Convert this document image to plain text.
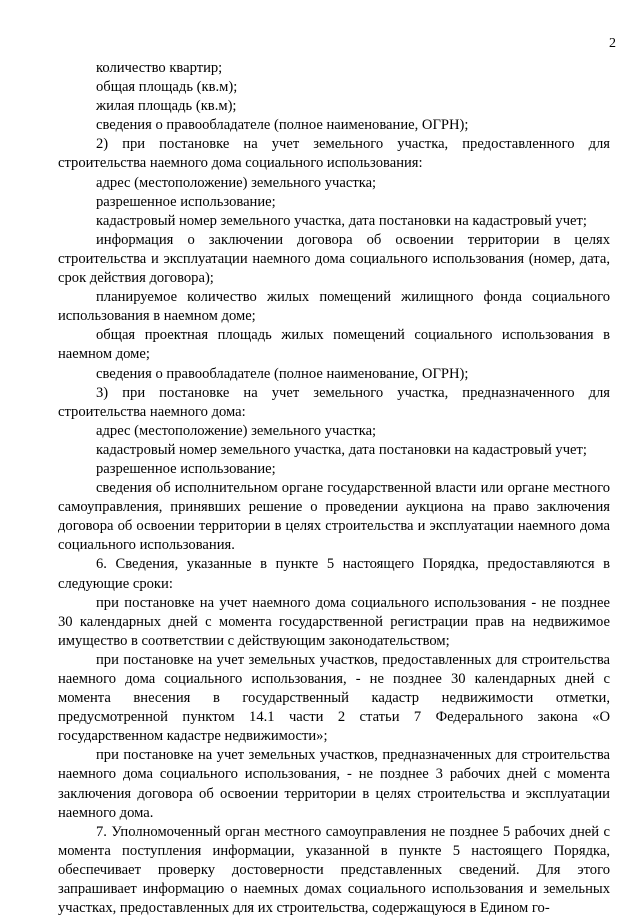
2

количество квартир;

общая площадь (кв.м);

жилая площадь (кв.м);

сведения о правообладателе (полное наименование, ОГРН);

2) при постановке на учет земельного участка, предоставленного для строительства наемного дома социального использования:

адрес (местоположение) земельного участка;

разрешенное использование;

кадастровый номер земельного участка, дата постановки на кадастровый учет;

информация о заключении договора об освоении территории в целях строительства и эксплуатации наемного дома социального использования (номер, дата, срок действия договора);

планируемое количество жилых помещений жилищного фонда социального использования в наемном доме;

общая проектная площадь жилых помещений социального использования в наемном доме;

сведения о правообладателе (полное наименование, ОГРН);

3) при постановке на учет земельного участка, предназначенного для строительства наемного дома:

адрес (местоположение) земельного участка;

кадастровый номер земельного участка, дата постановки на кадастровый учет;

разрешенное использование;

сведения об исполнительном органе государственной власти или органе местного самоуправления, принявших решение о проведении аукциона на право заключения договора об освоении территории в целях строительства и эксплуатации наемного дома социального использования.

6. Сведения, указанные в пункте 5 настоящего Порядка, предоставляются в следующие сроки:

при постановке на учет наемного дома социального использования - не позднее 30 календарных дней с момента государственной регистрации прав на недвижимое имущество в соответствии с действующим законодательством;

при постановке на учет земельных участков, предоставленных для строительства наемного дома социального использования, - не позднее 30 календарных дней с момента внесения в государственный кадастр недвижимости отметки, предусмотренной пунктом 14.1 части 2 статьи 7 Федерального закона «О государственном кадастре недвижимости»;

при постановке на учет земельных участков, предназначенных для строительства наемного дома социального использования, - не позднее 3 рабочих дней с момента заключения договора об освоении территории в целях строительства и эксплуатации наемного дома.

7. Уполномоченный орган местного самоуправления не позднее 5 рабочих дней с момента поступления информации, указанной в пункте 5 настоящего Порядка, обеспечивает проверку достоверности представленных сведений. Для этого запрашивает информацию о наемных домах социального использования и земельных участках, предоставленных для их строительства, содержащуюся в Едином го-
